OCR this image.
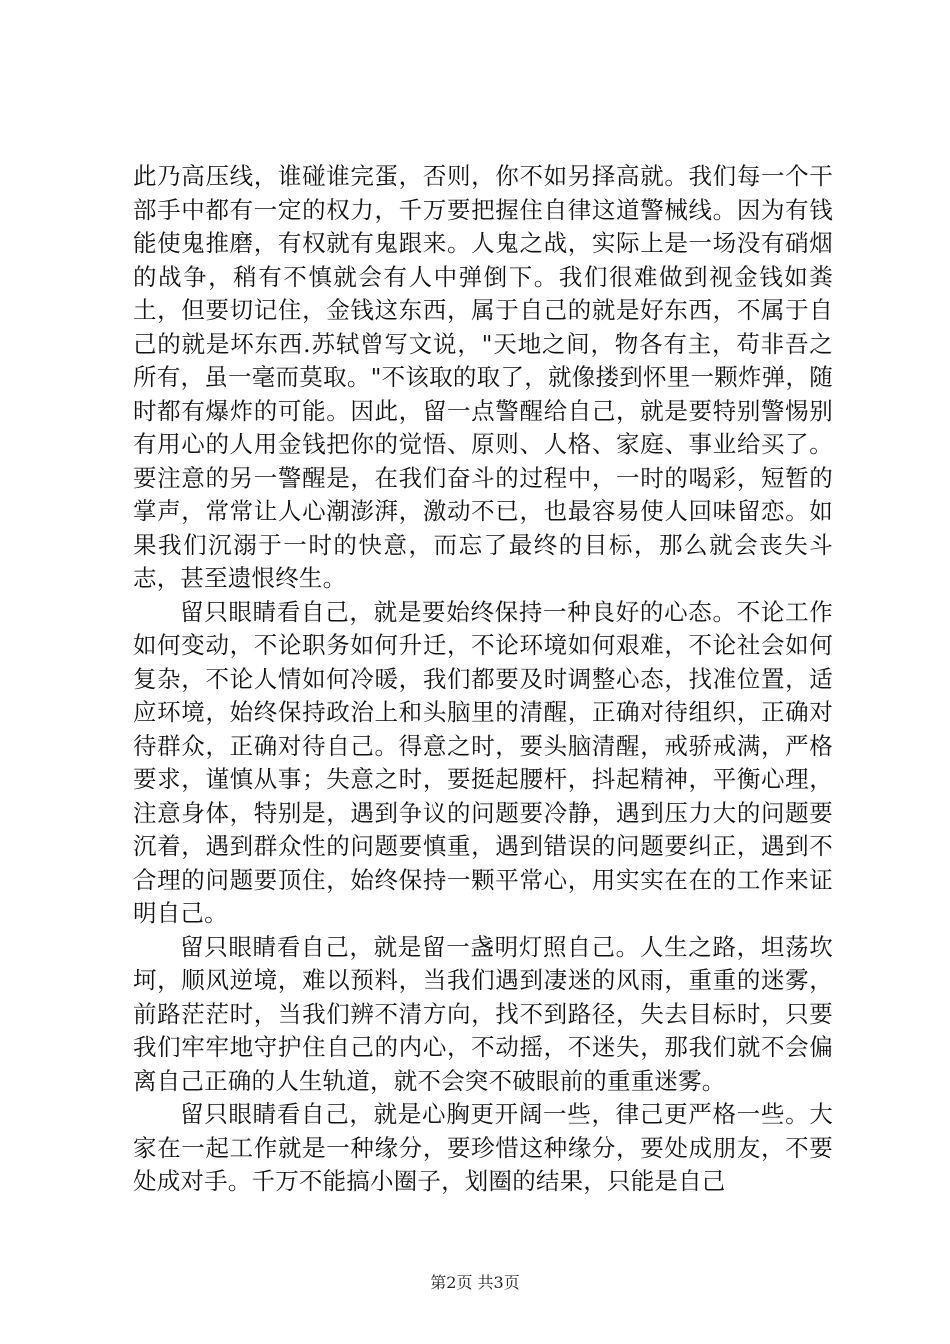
此乃高压线，谁碰谁完蛋，否则，你不如另择高就。我们每一个干部手中都有一定的权力，千万要把握住自律这道警械线。因为有钱能使鬼推磨，有权就有鬼跟来。人鬼之战，实际上是一场没有硝烟的战争，稍有不慎就会有人中弹倒下。我们很难做到视金钱如粪土，但要切记住，金钱这东西，属于自己的就是好东西，不属于自己的就是坏东西.苏轼曾写文说，"天地之间，物各有主，苟非吾之所有，虽一毫而莫取。"不该取的取了，就像搂到怀里一颗炸弹，随时都有爆炸的可能。因此，留一点警醒给自己，就是要特别警惕别有用心的人用金钱把你的觉悟、原则、人格、家庭、事业给买了。要注意的另一警醒是，在我们奋斗的过程中，一时的喝彩，短暂的掌声，常常让人心潮澎湃，激动不已，也最容易使人回味留恋。如果我们沉溺于一时的快意，而忘了最终的目标，那么就会丧失斗志，甚至遗恨终生。

留只眼睛看自己，就是要始终保持一种良好的心态。不论工作如何变动，不论职务如何升迁，不论环境如何艰难，不论社会如何复杂，不论人情如何冷暖，我们都要及时调整心态，找准位置，适应环境，始终保持政治上和头脑里的清醒，正确对待组织，正确对待群众，正确对待自己。得意之时，要头脑清醒，戒骄戒满，严格要求，谨慎从事；失意之时，要挺起腰杆，抖起精神，平衡心理，注意身体，特别是，遇到争议的问题要冷静，遇到压力大的问题要沉着，遇到群众性的问题要慎重，遇到错误的问题要纠正，遇到不合理的问题要顶住，始终保持一颗平常心，用实实在在的工作来证明自己。

留只眼睛看自己，就是留一盏明灯照自己。人生之路，坦荡坎坷，顺风逆境，难以预料，当我们遇到凄迷的风雨，重重的迷雾，前路茫茫时，当我们辨不清方向，找不到路径，失去目标时，只要我们牢牢地守护住自己的内心，不动摇，不迷失，那我们就不会偏离自己正确的人生轨道，就不会突不破眼前的重重迷雾。

留只眼睛看自己，就是心胸更开阔一些，律己更严格一些。大家在一起工作就是一种缘分，要珍惜这种缘分，要处成朋友，不要处成对手。千万不能搞小圈子，划圈的结果，只能是自己

第2页 共3页
